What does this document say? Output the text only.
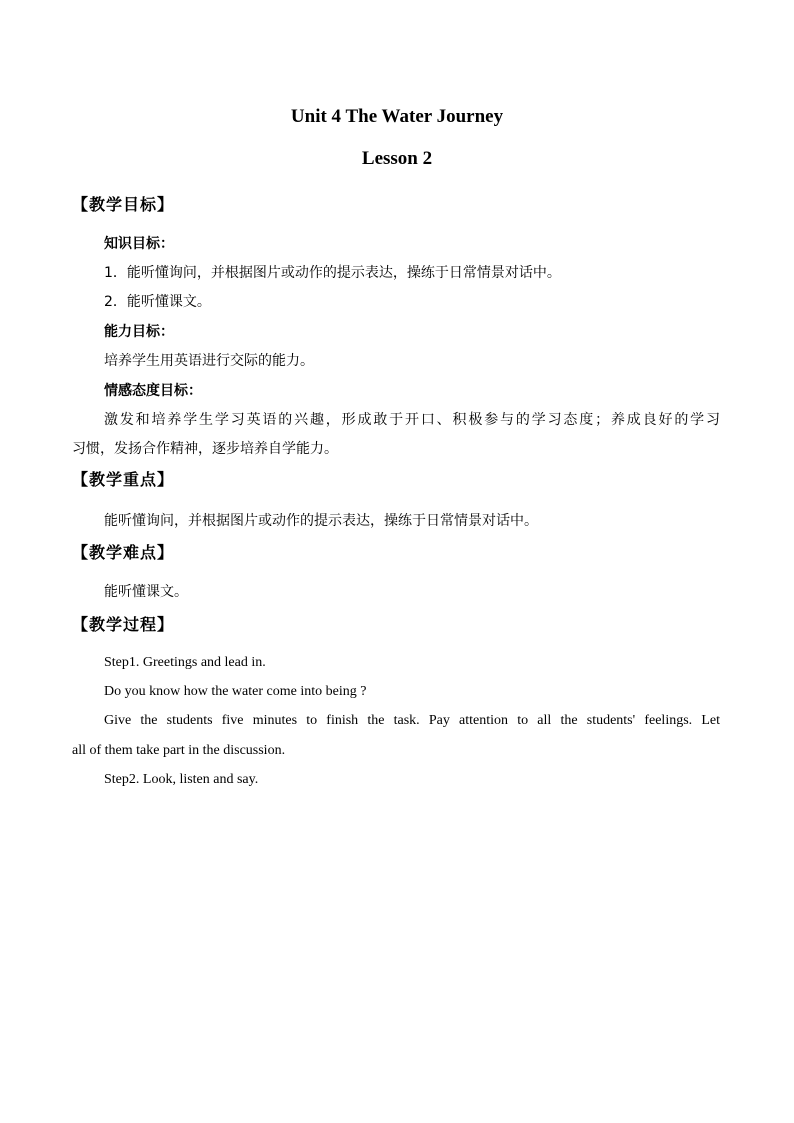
Unit 4 The Water Journey
Lesson 2
【教学目标】
知识目标：
1．能听懂询问，并根据图片或动作的提示表达，操练于日常情景对话中。
2．能听懂课文。
能力目标：
培养学生用英语进行交际的能力。
情感态度目标：
激发和培养学生学习英语的兴趣，形成敢于开口、积极参与的学习态度；养成良好的学习
习惯，发扬合作精神，逐步培养自学能力。
【教学重点】
能听懂询问，并根据图片或动作的提示表达，操练于日常情景对话中。
【教学难点】
能听懂课文。
【教学过程】
Step1. Greetings and lead in.
Do you know how the water come into being ?
Give the students five minutes to finish the task. Pay attention to all the students' feelings. Let
all of them take part in the discussion.
Step2. Look, listen and say.
